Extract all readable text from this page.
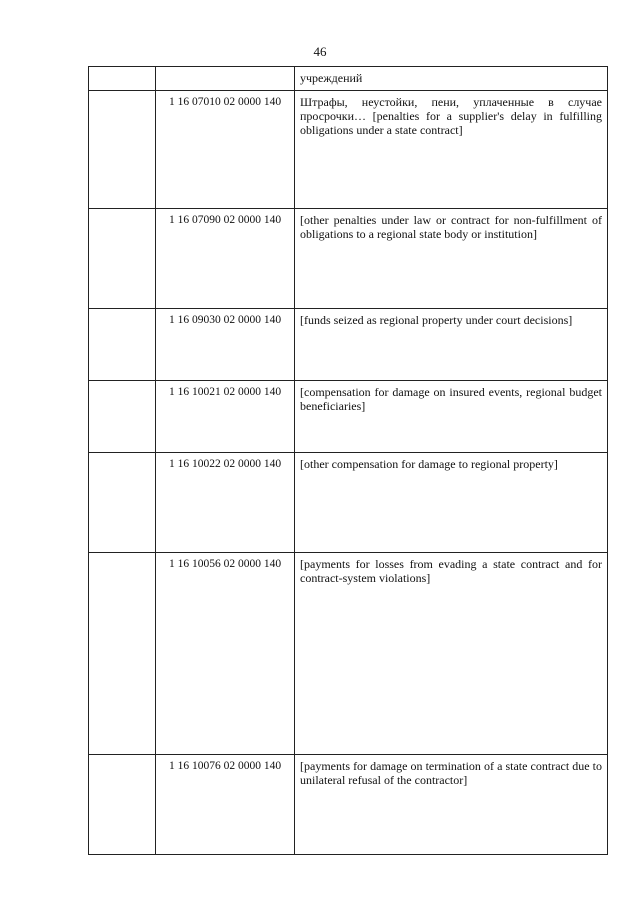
46
		учреждений
	1 16 07010 02 0000 140	Штрафы, неустойки, пени, уплаченные в случае просрочки… [penalties for a supplier's delay in fulfilling obligations under a state contract]
	1 16 07090 02 0000 140	[other penalties under law or contract for non-fulfillment of obligations to a regional state body or institution]
	1 16 09030 02 0000 140	[funds seized as regional property under court decisions]
	1 16 10021 02 0000 140	[compensation for damage on insured events, regional budget beneficiaries]
	1 16 10022 02 0000 140	[other compensation for damage to regional property]
	1 16 10056 02 0000 140	[payments for losses from evading a state contract and for contract-system violations]
	1 16 10076 02 0000 140	[payments for damage on termination of a state contract due to unilateral refusal of the contractor]
